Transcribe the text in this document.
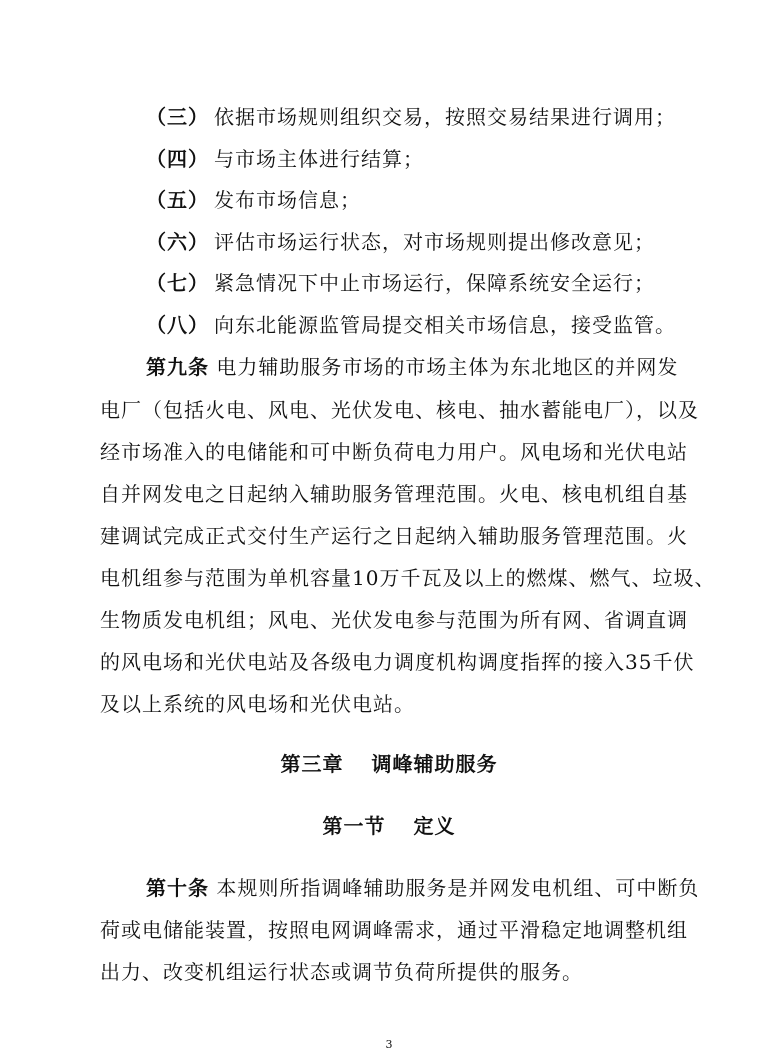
（三） 依据市场规则组织交易，按照交易结果进行调用；
（四） 与市场主体进行结算；
（五） 发布市场信息；
（六） 评估市场运行状态，对市场规则提出修改意见；
（七） 紧急情况下中止市场运行，保障系统安全运行；
（八） 向东北能源监管局提交相关市场信息，接受监管。
第九条 电力辅助服务市场的市场主体为东北地区的并网发
电厂（包括火电、风电、光伏发电、核电、抽水蓄能电厂），以及
经市场准入的电储能和可中断负荷电力用户。风电场和光伏电站
自并网发电之日起纳入辅助服务管理范围。火电、核电机组自基
建调试完成正式交付生产运行之日起纳入辅助服务管理范围。火
电机组参与范围为单机容量10万千瓦及以上的燃煤、燃气、垃圾、
生物质发电机组；风电、光伏发电参与范围为所有网、省调直调
的风电场和光伏电站及各级电力调度机构调度指挥的接入35千伏
及以上系统的风电场和光伏电站。
第三章 调峰辅助服务
第一节 定义
第十条 本规则所指调峰辅助服务是并网发电机组、可中断负
荷或电储能装置，按照电网调峰需求，通过平滑稳定地调整机组
出力、改变机组运行状态或调节负荷所提供的服务。
3
